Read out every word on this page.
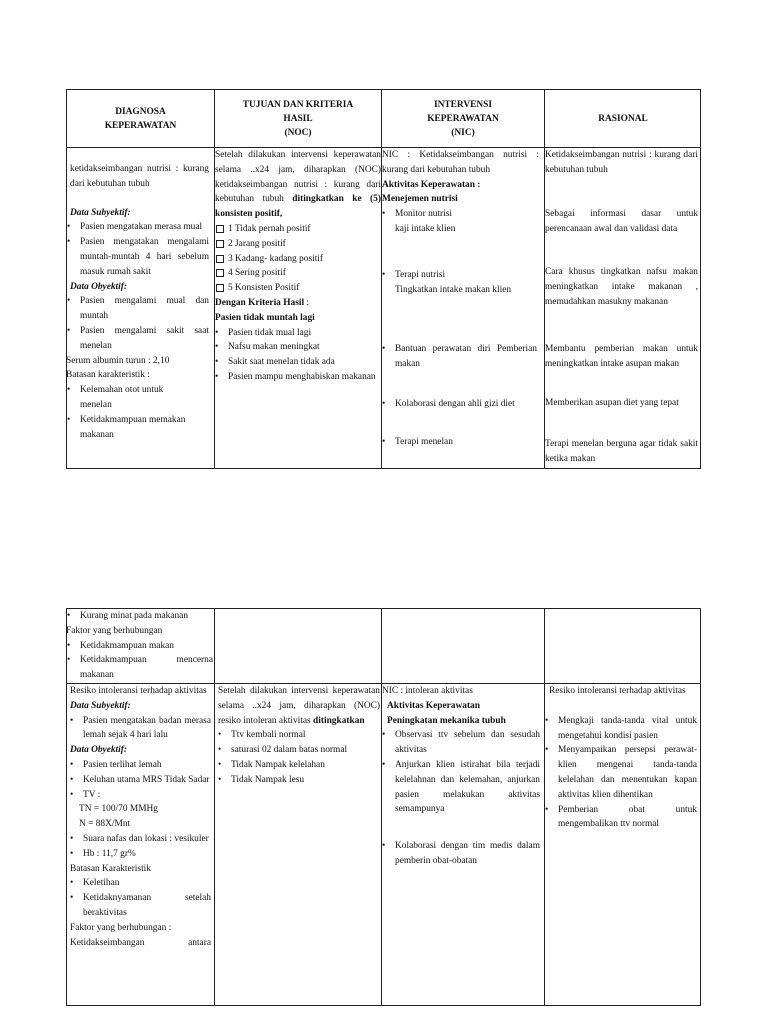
DIAGNOSA
KEPERAWATAN
TUJUAN DAN KRITERIA
HASIL
(NOC)
INTERVENSI
KEPERAWATAN
(NIC)
RASIONAL

ketidakseimbangan nutrisi : kurang dari kebutuhan tubuh

Data Subyektif:
• Pasien mengatakan merasa mual
• Pasien mengatakan mengalami muntah-muntah 4 hari sebelum masuk rumah sakit
Data Obyektif:
• Pasien mengalami mual dan muntah
• Pasien mengalami sakit saat menelan
Serum albumin turun : 2,10
Batasan karakteristik :
• Kelemahan otot untuk menelan
• Ketidakmampuan memakan makanan

Setelah dilakukan intervensi keperawatan selama ..x24 jam, diharapkan (NOC) ketidakseimbangan nutrisi : kurang dari kebutuhan tubuh ditingkatkan ke (5) konsisten positif,

1 Tidak pernah positif
2 Jarang positif
3 Kadang- kadang positif
4 Sering positif
5 Konsisten Positif
Dengan Kriteria Hasil :
Pasien tidak muntah lagi
• Pasien tidak mual lagi
• Nafsu makan meningkat
• Sakit saat menelan tidak ada
• Pasien mampu menghabiskan makanan

NIC : Ketidakseimbangan nutrisi : kurang dari kebutuhan tubuh

Aktivitas Keperawatan :
Menejemen nutrisi
• Monitor nutrisi
kaji intake klien
• Terapi nutrisi
Tingkatkan intake makan klien
• Bantuan perawatan diri Pemberian makan
• Kolaborasi dengan ahli gizi diet
• Terapi menelan

Ketidakseimbangan nutrisi : kurang dari kebutuhan tubuh

Sebagai informasi dasar untuk perencanaan awal dan validasi data

Cara khusus tingkatkan nafsu makan meningkatkan intake makanan , memudahkan masukny makanan

Membantu pemberian makan untuk meningkatkan intake asupan makan

Memberikan asupan diet yang tepat

Terapi menelan berguna agar tidak sakit ketika makan

• Kurang minat pada makanan
Faktor yang berhubungan
• Ketidakmampuan makan
• Ketidakmampuan mencerna makanan

Resiko intoleransi terhadap aktivitas

Data Subyektif:
• Pasien mengatakan badan merasa lemah sejak 4 hari lalu
Data Obyektif:
• Pasien terlihat lemah
• Keluhan utama MRS Tidak Sadar
• TV :
TN = 100/70 MMHg
N = 88X/Mnt
• Suara nafas dan lokasi : vesikuler
• Hb : 11,7 gr%
Batasan Karakteristik
• Keletihan
• Ketidaknyamanan setelah beraktivitas
Faktor yang berhubungan :

Ketidakseimbangan antara

Setelah dilakukan intervensi keperawatan selama ..x24 jam, diharapkan (NOC) resiko intoleran aktivitas ditingkatkan

• Ttv kembali normal
• saturasi 02 dalam batas normal
• Tidak Nampak kelelahan
• Tidak Nampak lesu
NIC : intoleran aktivitas
Aktivitas Keperawatan
Peningkatan mekanika tubuh
• Observasi ttv sebelum dan sesudah aktivitas
• Anjurkan klien istirahat bila terjadi kelelahnan dan kelemahan, anjurkan pasien melakukan aktivitas semampunya
• Kolaborasi dengan tim medis dalam pemberin obat-obatan

Resiko intoleransi terhadap aktivitas

• Mengkaji tanda-tanda vital untuk mengetahui kondisi pasien
• Menyampaikan persepsi perawat-klien mengenai tanda-tanda kelelahan dan menentukan kapan aktivitas klien dihentikan
• Pemberian obat untuk mengembalikan ttv normal
